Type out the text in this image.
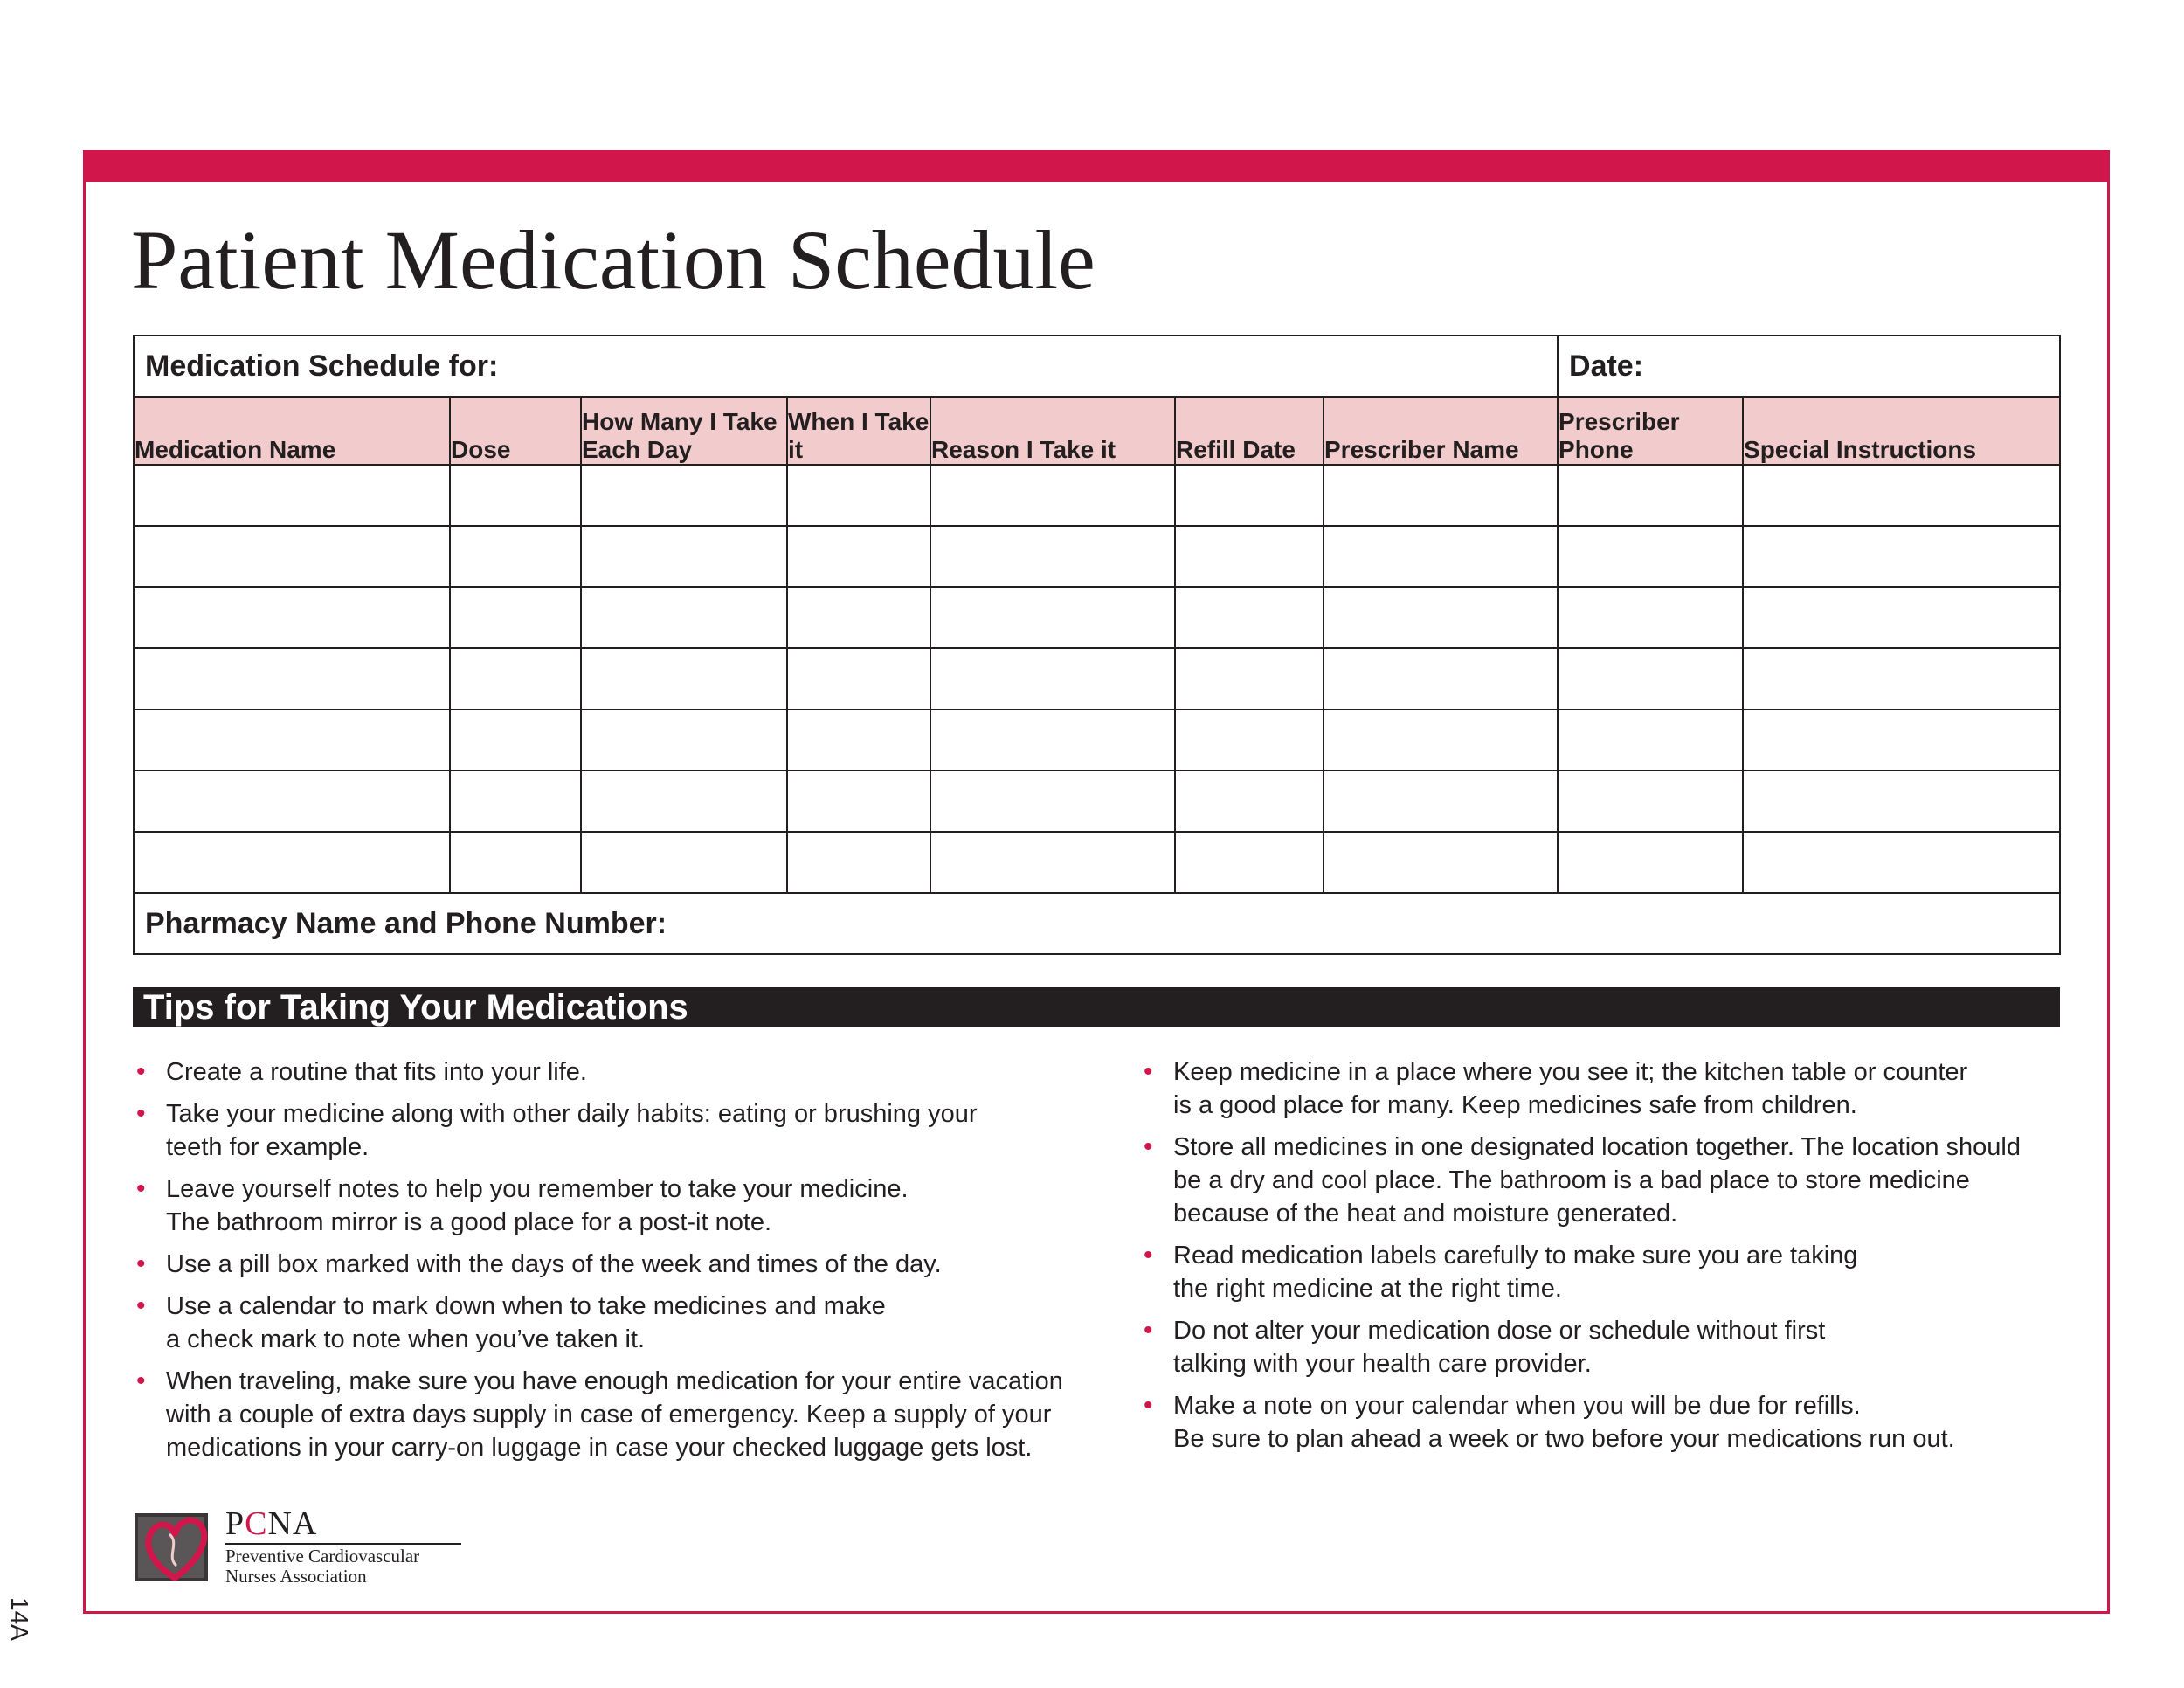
Patient Medication Schedule
Medication Schedule for:							Date:	

Medication Name	Dose	How Many I Take Each Day	When I Take it	Reason I Take it	Refill Date	Prescriber Name	Prescriber Phone	Special Instructions

Pharmacy Name and Phone Number:								
Tips for Taking Your Medications
• Create a routine that fits into your life.
• Take your medicine along with other daily habits: eating or brushing your
teeth for example.
• Leave yourself notes to help you remember to take your medicine.
The bathroom mirror is a good place for a post-it note.
• Use a pill box marked with the days of the week and times of the day.
• Use a calendar to mark down when to take medicines and make
a check mark to note when you’ve taken it.
• When traveling, make sure you have enough medication for your entire vacation
with a couple of extra days supply in case of emergency. Keep a supply of your
medications in your carry-on luggage in case your checked luggage gets lost.
• Keep medicine in a place where you see it; the kitchen table or counter
is a good place for many. Keep medicines safe from children.
• Store all medicines in one designated location together. The location should
be a dry and cool place. The bathroom is a bad place to store medicine
because of the heat and moisture generated.
• Read medication labels carefully to make sure you are taking
the right medicine at the right time.
• Do not alter your medication dose or schedule without first
talking with your health care provider.
• Make a note on your calendar when you will be due for refills.
Be sure to plan ahead a week or two before your medications run out.
PCNA
Preventive Cardiovascular
Nurses Association
14A
